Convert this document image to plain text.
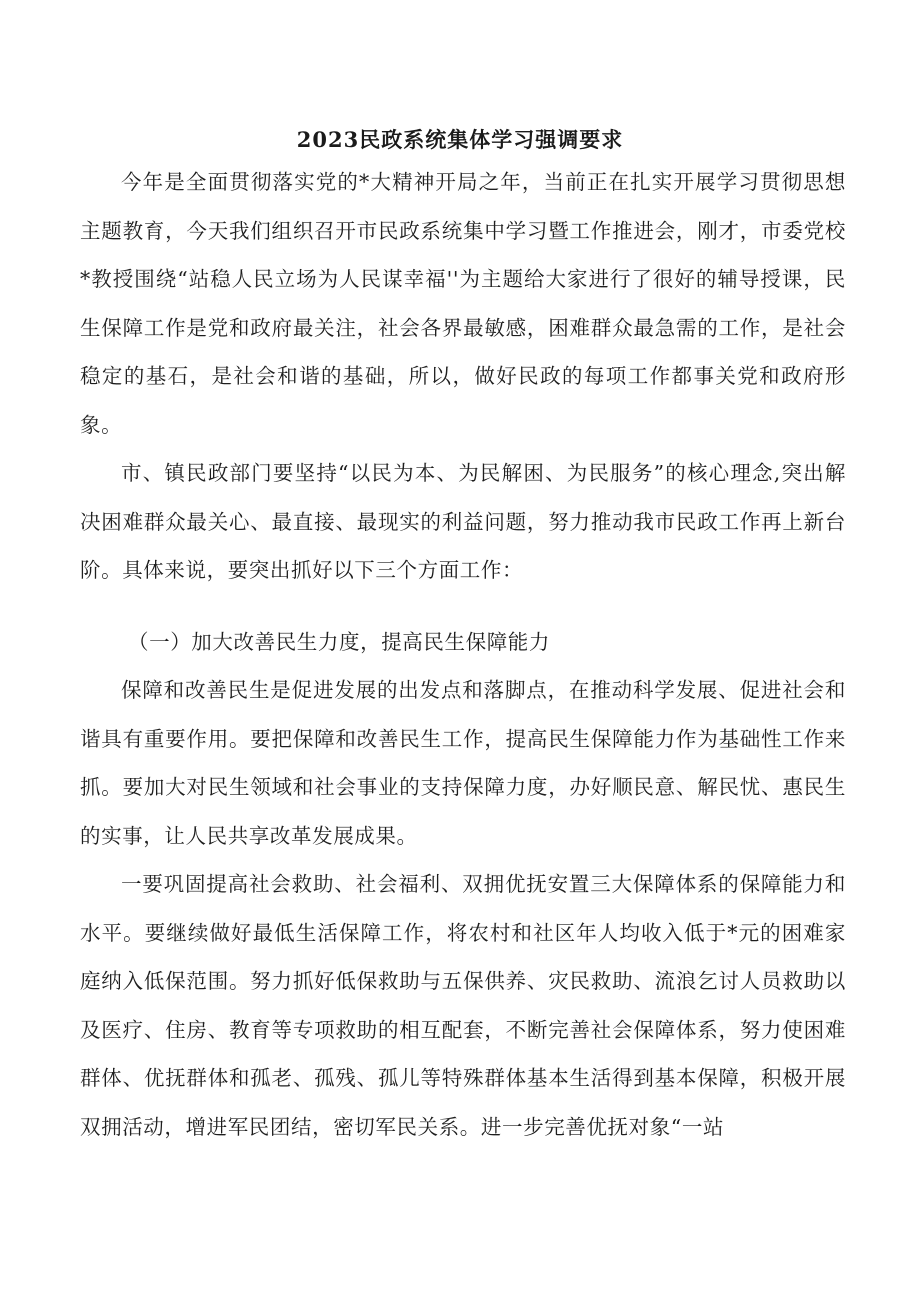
2023民政系统集体学习强调要求

今年是全面贯彻落实党的*大精神开局之年，当前正在扎实开展学习贯彻思想主题教育，今天我们组织召开市民政系统集中学习暨工作推进会，刚才，市委党校*教授围绕“站稳人民立场为人民谋幸福''为主题给大家进行了很好的辅导授课，民生保障工作是党和政府最关注，社会各界最敏感，困难群众最急需的工作，是社会稳定的基石，是社会和谐的基础，所以，做好民政的每项工作都事关党和政府形象。

市、镇民政部门要坚持“以民为本、为民解困、为民服务”的核心理念,突出解决困难群众最关心、最直接、最现实的利益问题，努力推动我市民政工作再上新台阶。具体来说，要突出抓好以下三个方面工作：

（一）加大改善民生力度，提高民生保障能力

保障和改善民生是促进发展的出发点和落脚点，在推动科学发展、促进社会和谐具有重要作用。要把保障和改善民生工作，提高民生保障能力作为基础性工作来抓。要加大对民生领域和社会事业的支持保障力度，办好顺民意、解民忧、惠民生的实事，让人民共享改革发展成果。

一要巩固提高社会救助、社会福利、双拥优抚安置三大保障体系的保障能力和水平。要继续做好最低生活保障工作，将农村和社区年人均收入低于*元的困难家庭纳入低保范围。努力抓好低保救助与五保供养、灾民救助、流浪乞讨人员救助以及医疗、住房、教育等专项救助的相互配套，不断完善社会保障体系，努力使困难群体、优抚群体和孤老、孤残、孤儿等特殊群体基本生活得到基本保障，积极开展双拥活动，增进军民团结，密切军民关系。进一步完善优抚对象“一站
